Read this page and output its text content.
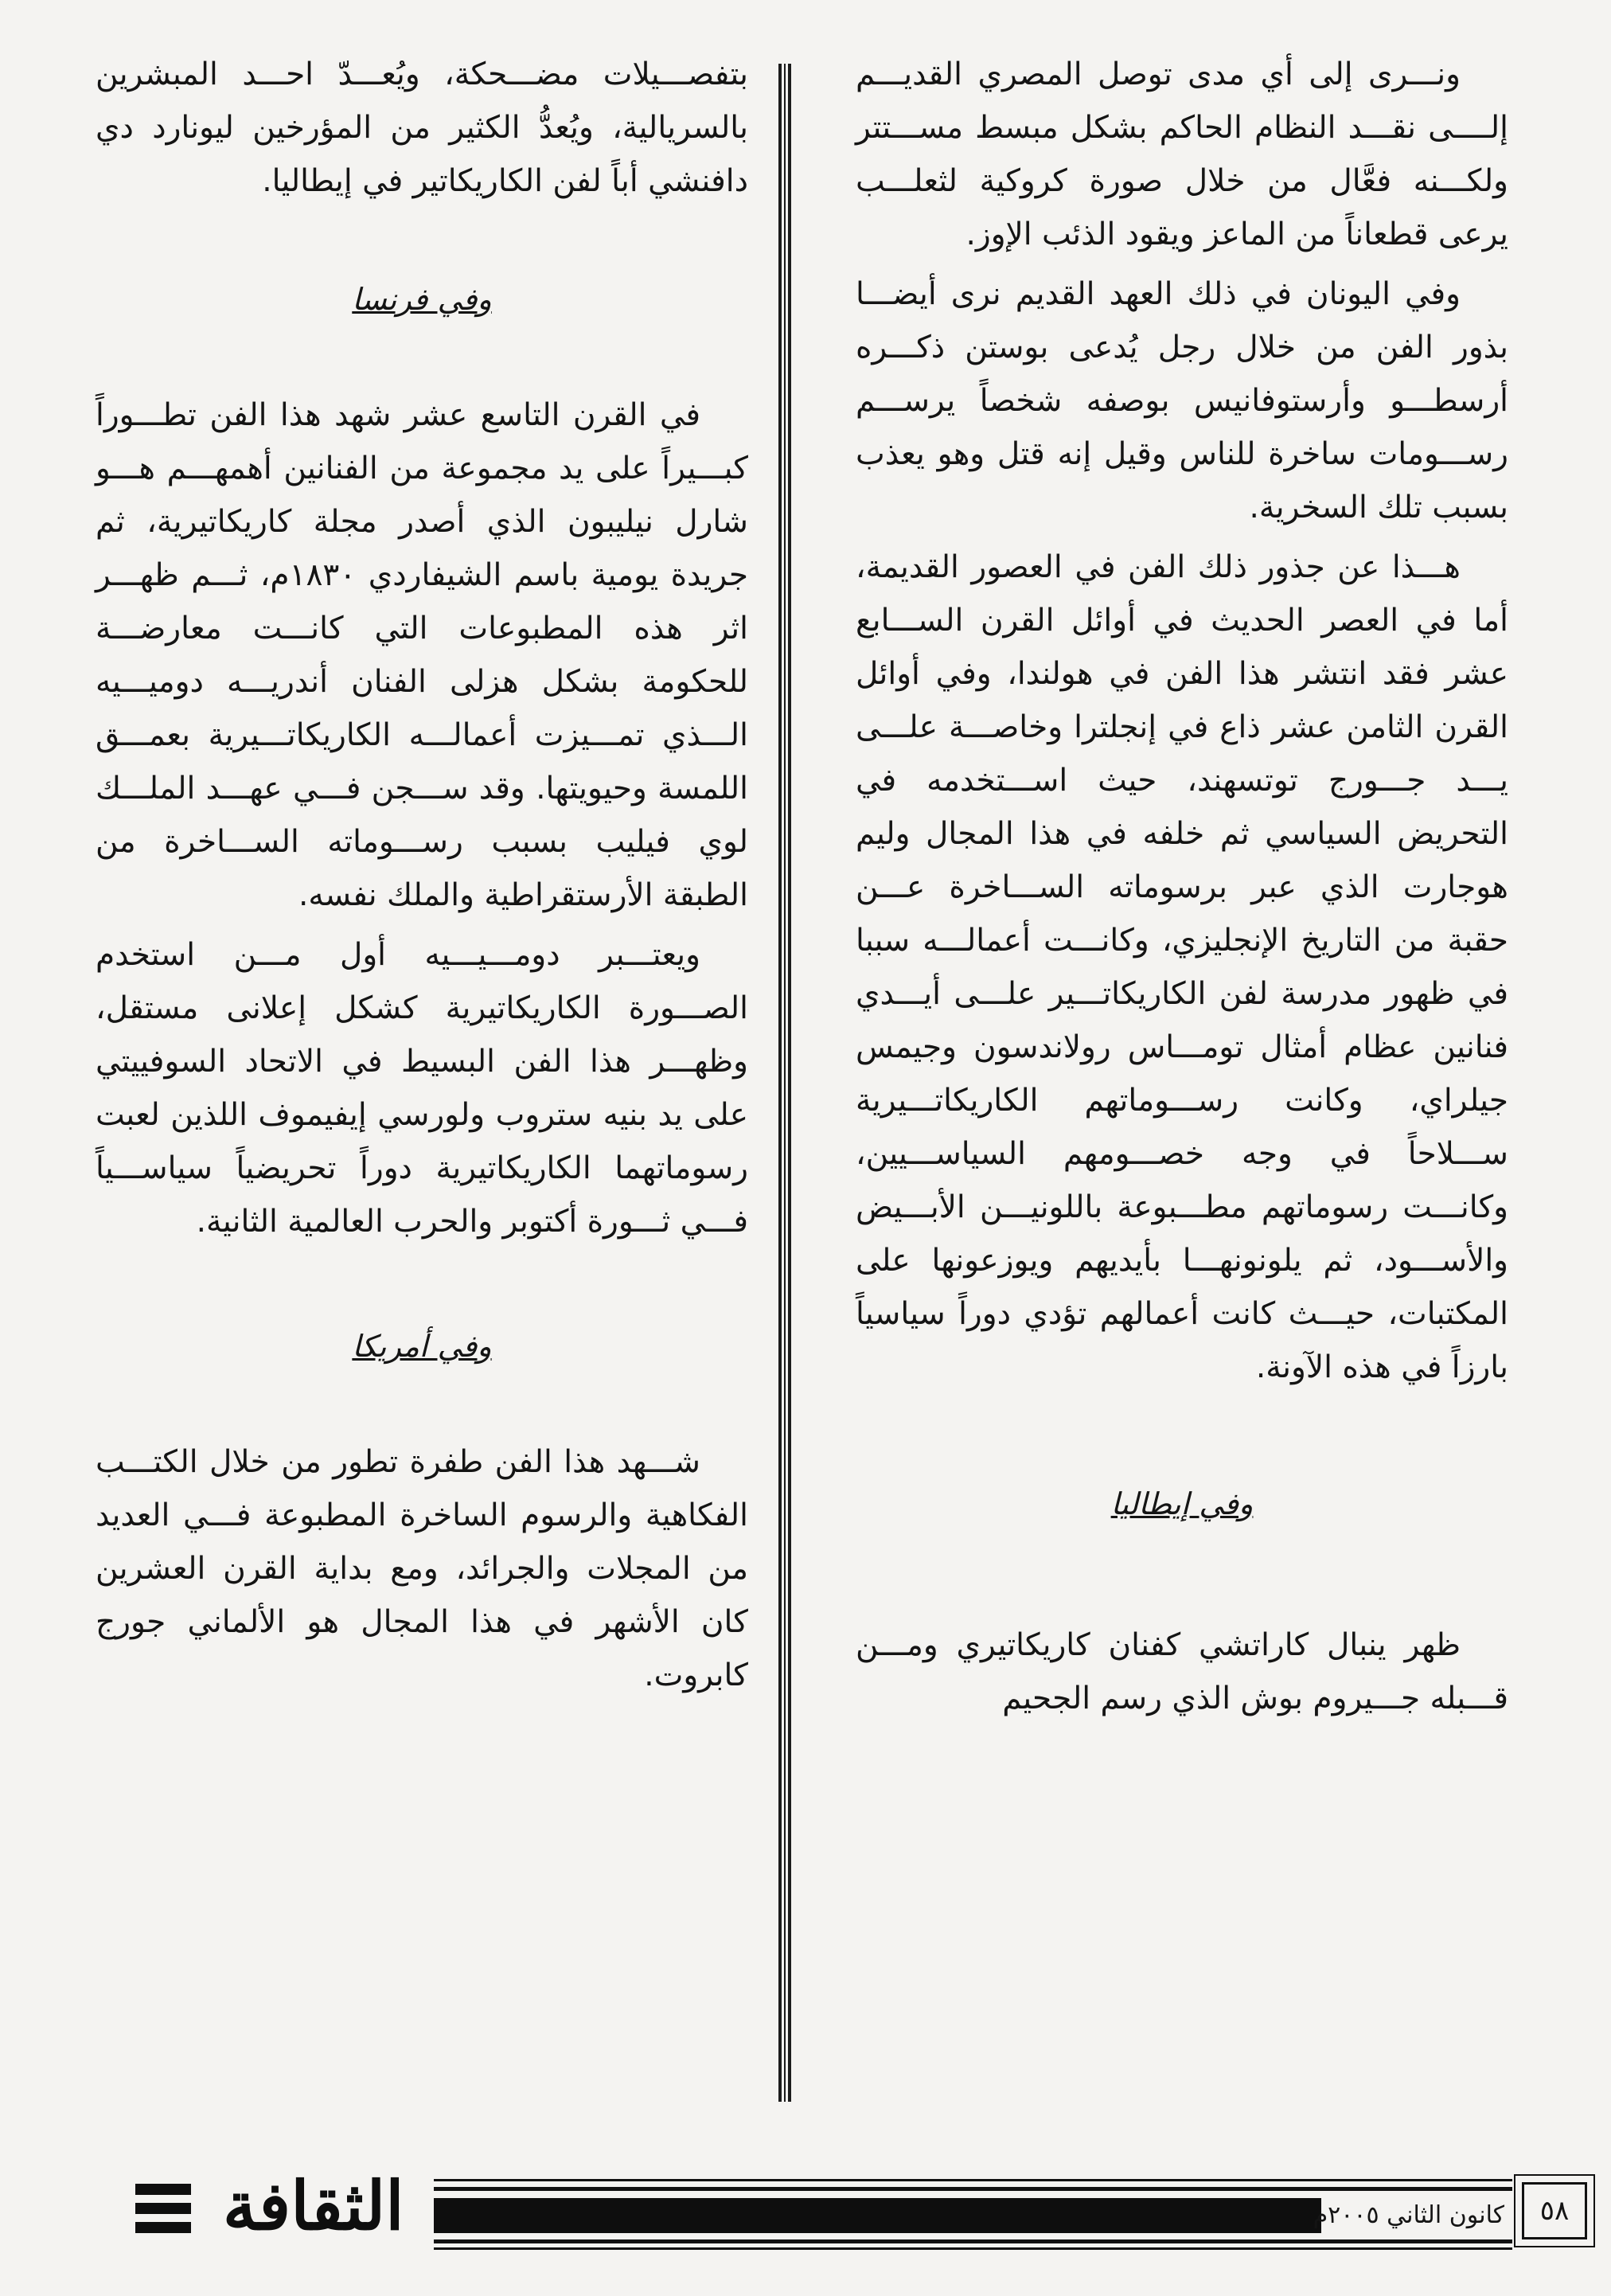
ونـــرى إلى أي مدى توصل المصري القديـــم إلــــى نقـــد النظام الحاكم بشكل مبسط مســـتتر ولكـــنه فعَّال من خلال صورة كروكية لثعلـــب يرعى قطعاناً من الماعز ويقود الذئب الإوز.

وفي اليونان في ذلك العهد القديم نرى أيضـــا بذور الفن من خلال رجل يُدعى بوستن ذكـــره أرسطـــو وأرستوفانيس بوصفه شخصاً يرســـم رســـومات ساخرة للناس وقيل إنه قتل وهو يعذب بسبب تلك السخرية.

هـــذا عن جذور ذلك الفن في العصور القديمة، أما في العصر الحديث في أوائل القرن الســـابع عشر فقد انتشر هذا الفن في هولندا، وفي أوائل القرن الثامن عشر ذاع في إنجلترا وخاصـــة علـــى يـــد جـــورج توتسهند، حيث اســـتخدمه في التحريض السياسي ثم خلفه في هذا المجال وليم هوجارت الذي عبر برسوماته الســـاخرة عـــن حقبة من التاريخ الإنجليزي، وكانـــت أعمالـــه سببا في ظهور مدرسة لفن الكاريكاتـــير علـــى أيـــدي فنانين عظام أمثال تومـــاس رولاندسون وجيمس جيلراي، وكانت رســـوماتهم الكاريكاتـــيرية ســـلاحاً في وجه خصـــومهم السياســـيين، وكانـــت رسوماتهم مطـــبوعة باللونيـــن الأبـــيض والأســـود، ثم يلونونهـــا بأيديهم ويوزعونها على المكتبات، حيـــث كانت أعمالهم تؤدي دوراً سياسياً بارزاً في هذه الآونة.

وفي إيطاليا

ظهر ينبال كاراتشي كفنان كاريكاتيري ومـــن قـــبله جـــيروم بوش الذي رسم الجحيم

بتفصـــيلات مضـــحكة، ويُعـــدّ احـــد المبشرين بالسريالية، ويُعدُّ الكثير من المؤرخين ليونارد دي دافنشي أباً لفن الكاريكاتير في إيطاليا.

وفي فرنسا

في القرن التاسع عشر شهد هذا الفن تطـــوراً كبـــيراً على يد مجموعة من الفنانين أهمهـــم هـــو شارل نيليبون الذي أصدر مجلة كاريكاتيرية، ثم جريدة يومية باسم الشيفاردي ١٨٣٠م، ثـــم ظهـــر اثر هذه المطبوعات التي كانـــت معارضـــة للحكومة بشكل هزلى الفنان أندريـــه دوميـــيه الـــذي تمـــيزت أعمالـــه الكاريكاتـــيرية بعمـــق اللمسة وحيويتها. وقد ســـجن فـــي عهـــد الملـــك لوي فيليب بسبب رســـوماته الســـاخرة من الطبقة الأرستقراطية والملك نفسه.

ويعتـــبر دومـــيـــيه أول مـــن استخدم الصـــورة الكاريكاتيرية كشكل إعلانى مستقل، وظهـــر هذا الفن البسيط في الاتحاد السوفييتي على يد بنيه ستروب ولورسي إيفيموف اللذين لعبت رسوماتهما الكاريكاتيرية دوراً تحريضياً سياســـياً فـــي ثـــورة أكتوبر والحرب العالمية الثانية.

وفي أمريكا

شـــهد هذا الفن طفرة تطور من خلال الكتـــب الفكاهية والرسوم الساخرة المطبوعة فـــي العديد من المجلات والجرائد، ومع بداية القرن العشرين كان الأشهر في هذا المجال هو الألماني جورج كابروت.

الثقافة	كانون الثاني ٢٠٠٥م	٥٨
